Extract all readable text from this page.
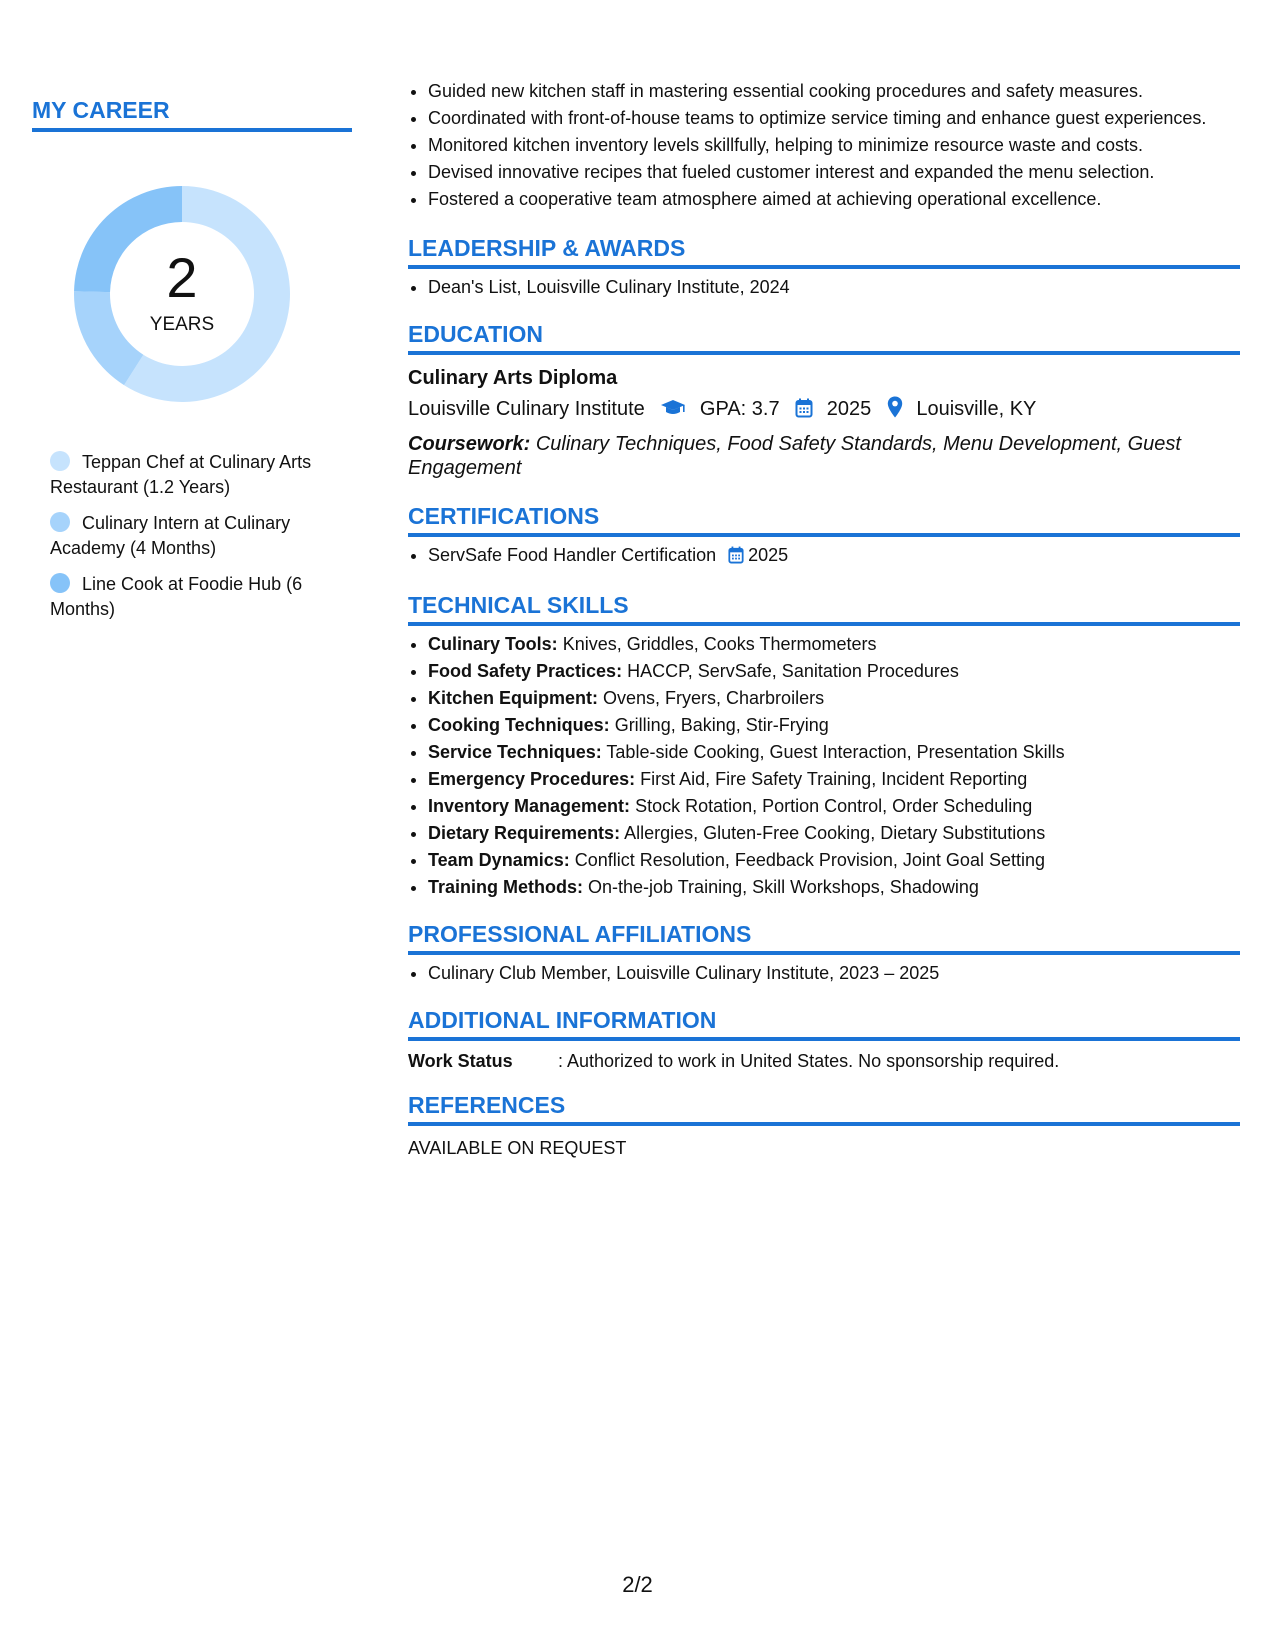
MY CAREER
2
YEARS
Teppan Chef at Culinary Arts Restaurant (1.2 Years)
Culinary Intern at Culinary Academy (4 Months)
Line Cook at Foodie Hub (6 Months)
• Guided new kitchen staff in mastering essential cooking procedures and safety measures.
• Coordinated with front-of-house teams to optimize service timing and enhance guest experiences.
• Monitored kitchen inventory levels skillfully, helping to minimize resource waste and costs.
• Devised innovative recipes that fueled customer interest and expanded the menu selection.
• Fostered a cooperative team atmosphere aimed at achieving operational excellence.
LEADERSHIP & AWARDS
• Dean's List, Louisville Culinary Institute, 2024
EDUCATION
Culinary Arts Diploma
Louisville Culinary Institute	GPA: 3.7 2025 Louisville, KY
Coursework: Culinary Techniques, Food Safety Standards, Menu Development, Guest Engagement
CERTIFICATIONS
• ServSafe Food Handler Certification 2025
TECHNICAL SKILLS
• Culinary Tools: Knives, Griddles, Cooks Thermometers
• Food Safety Practices: HACCP, ServSafe, Sanitation Procedures
• Kitchen Equipment: Ovens, Fryers, Charbroilers
• Cooking Techniques: Grilling, Baking, Stir-Frying
• Service Techniques: Table-side Cooking, Guest Interaction, Presentation Skills
• Emergency Procedures: First Aid, Fire Safety Training, Incident Reporting
• Inventory Management: Stock Rotation, Portion Control, Order Scheduling
• Dietary Requirements: Allergies, Gluten-Free Cooking, Dietary Substitutions
• Team Dynamics: Conflict Resolution, Feedback Provision, Joint Goal Setting
• Training Methods: On-the-job Training, Skill Workshops, Shadowing
PROFESSIONAL AFFILIATIONS
• Culinary Club Member, Louisville Culinary Institute, 2023 – 2025
ADDITIONAL INFORMATION
Work Status	: Authorized to work in United States. No sponsorship required.
REFERENCES
AVAILABLE ON REQUEST
2/2
